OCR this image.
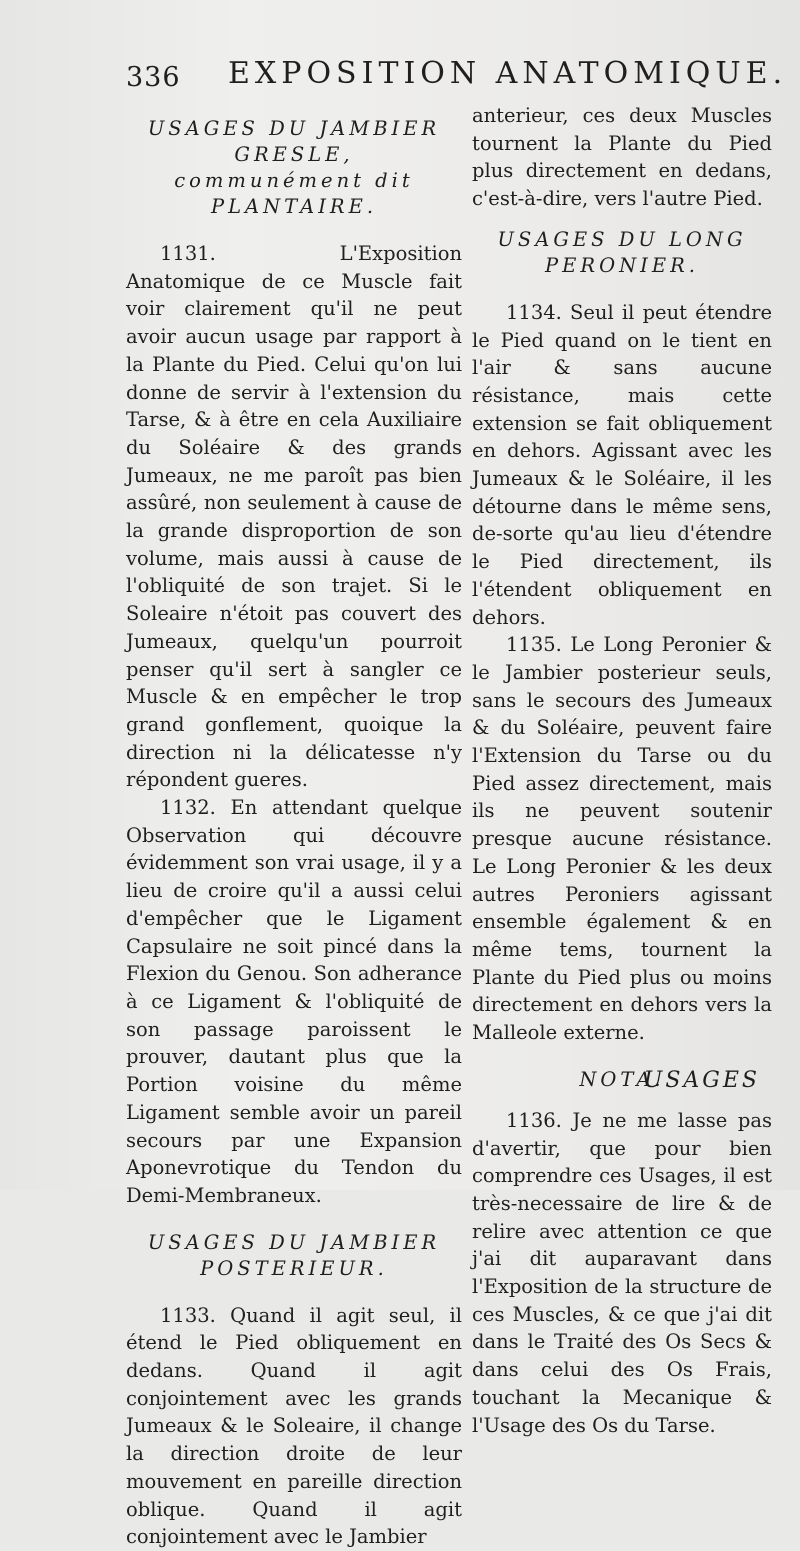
336 EXPOSITION ANATOMIQUE.
USAGES DU JAMBIER
GRESLE,
communément dit
PLANTAIRE.

1131. L'Exposition Anatomique de ce Muscle fait voir clairement qu'il ne peut avoir aucun usage par rapport à la Plante du Pied. Celui qu'on lui donne de servir à l'extension du Tarse, & à être en cela Auxiliaire du Soléaire & des grands Jumeaux, ne me paroît pas bien assûré, non seulement à cause de la grande disproportion de son volume, mais aussi à cause de l'obliquité de son trajet. Si le Soleaire n'étoit pas couvert des Jumeaux, quelqu'un pourroit penser qu'il sert à sangler ce Muscle & en empêcher le trop grand gonflement, quoique la direction ni la délicatesse n'y répondent gueres.

1132. En attendant quelque Observation qui découvre évidemment son vrai usage, il y a lieu de croire qu'il a aussi celui d'empêcher que le Ligament Capsulaire ne soit pincé dans la Flexion du Genou. Son adherance à ce Ligament & l'obliquité de son passage paroissent le prouver, dautant plus que la Portion voisine du même Ligament semble avoir un pareil secours par une Expansion Aponevrotique du Tendon du Demi-Membraneux.

USAGES DU JAMBIER
POSTERIEUR.

1133. Quand il agit seul, il étend le Pied obliquement en dedans. Quand il agit conjointement avec les grands Jumeaux & le Soleaire, il change la direction droite de leur mouvement en pareille direction oblique. Quand il agit conjointement avec le Jambier

anterieur, ces deux Muscles tournent la Plante du Pied plus directement en dedans, c'est-à-dire, vers l'autre Pied.

USAGES DU LONG
PERONIER.

1134. Seul il peut étendre le Pied quand on le tient en l'air & sans aucune résistance, mais cette extension se fait obliquement en dehors. Agissant avec les Jumeaux & le Soléaire, il les détourne dans le même sens, de-sorte qu'au lieu d'étendre le Pied directement, ils l'étendent obliquement en dehors.

1135. Le Long Peronier & le Jambier posterieur seuls, sans le secours des Jumeaux & du Soléaire, peuvent faire l'Extension du Tarse ou du Pied assez directement, mais ils ne peuvent soutenir presque aucune résistance. Le Long Peronier & les deux autres Peroniers agissant ensemble également & en même tems, tournent la Plante du Pied plus ou moins directement en dehors vers la Malleole externe.

NOTA.

1136. Je ne me lasse pas d'avertir, que pour bien comprendre ces Usages, il est très-necessaire de lire & de relire avec attention ce que j'ai dit auparavant dans l'Exposition de la structure de ces Muscles, & ce que j'ai dit dans le Traité des Os Secs & dans celui des Os Frais, touchant la Mecanique & l'Usage des Os du Tarse.

USAGES
